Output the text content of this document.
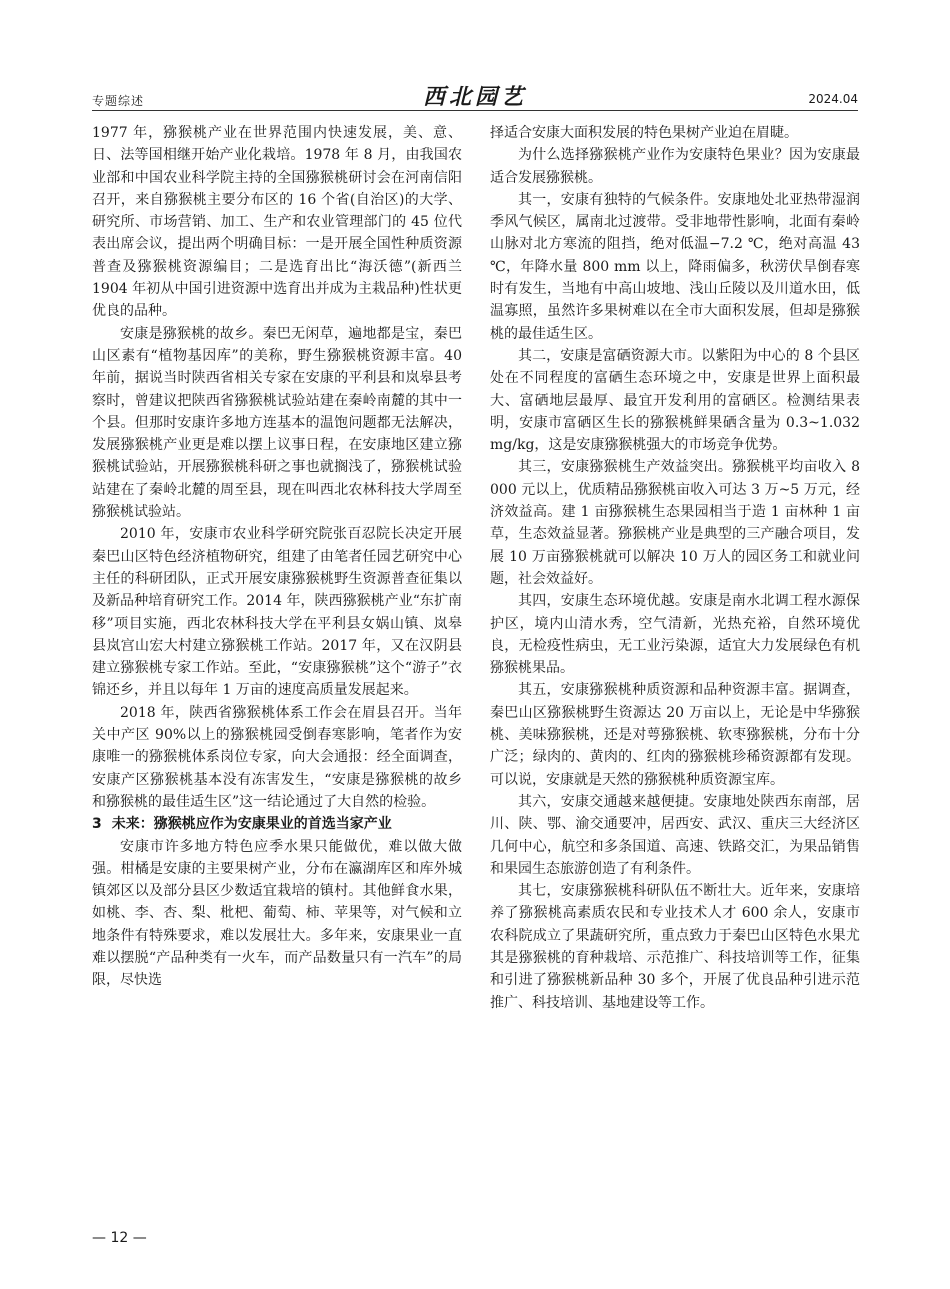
专题综述	西北园艺	2024.04

1977 年，猕猴桃产业在世界范围内快速发展，美、意、日、法等国相继开始产业化栽培。1978 年 8 月，由我国农业部和中国农业科学院主持的全国猕猴桃研讨会在河南信阳召开，来自猕猴桃主要分布区的 16 个省(自治区)的大学、研究所、市场营销、加工、生产和农业管理部门的 45 位代表出席会议，提出两个明确目标：一是开展全国性种质资源普查及猕猴桃资源编目；二是选育出比“海沃德”(新西兰 1904 年初从中国引进资源中选育出并成为主栽品种)性状更优良的品种。

安康是猕猴桃的故乡。秦巴无闲草，遍地都是宝，秦巴山区素有“植物基因库”的美称，野生猕猴桃资源丰富。40 年前，据说当时陕西省相关专家在安康的平利县和岚皋县考察时，曾建议把陕西省猕猴桃试验站建在秦岭南麓的其中一个县。但那时安康许多地方连基本的温饱问题都无法解决，发展猕猴桃产业更是难以摆上议事日程，在安康地区建立猕猴桃试验站，开展猕猴桃科研之事也就搁浅了，猕猴桃试验站建在了秦岭北麓的周至县，现在叫西北农林科技大学周至猕猴桃试验站。

2010 年，安康市农业科学研究院张百忍院长决定开展秦巴山区特色经济植物研究，组建了由笔者任园艺研究中心主任的科研团队，正式开展安康猕猴桃野生资源普查征集以及新品种培育研究工作。2014 年，陕西猕猴桃产业“东扩南移”项目实施，西北农林科技大学在平利县女娲山镇、岚皋县岚宫山宏大村建立猕猴桃工作站。2017 年，又在汉阴县建立猕猴桃专家工作站。至此，“安康猕猴桃”这个“游子”衣锦还乡，并且以每年 1 万亩的速度高质量发展起来。

2018 年，陕西省猕猴桃体系工作会在眉县召开。当年关中产区 90%以上的猕猴桃园受倒春寒影响，笔者作为安康唯一的猕猴桃体系岗位专家，向大会通报：经全面调查，安康产区猕猴桃基本没有冻害发生，“安康是猕猴桃的故乡和猕猴桃的最佳适生区”这一结论通过了大自然的检验。

3 未来：猕猴桃应作为安康果业的首选当家产业

安康市许多地方特色应季水果只能做优，难以做大做强。柑橘是安康的主要果树产业，分布在瀛湖库区和库外城镇郊区以及部分县区少数适宜栽培的镇村。其他鲜食水果，如桃、李、杏、梨、枇杷、葡萄、柿、苹果等，对气候和立地条件有特殊要求，难以发展壮大。多年来，安康果业一直难以摆脱“产品种类有一火车，而产品数量只有一汽车”的局限，尽快选

择适合安康大面积发展的特色果树产业迫在眉睫。

为什么选择猕猴桃产业作为安康特色果业？因为安康最适合发展猕猴桃。

其一，安康有独特的气候条件。安康地处北亚热带湿润季风气候区，属南北过渡带。受非地带性影响，北面有秦岭山脉对北方寒流的阻挡，绝对低温−7.2 ℃，绝对高温 43 ℃，年降水量 800 mm 以上，降雨偏多，秋涝伏旱倒春寒时有发生，当地有中高山坡地、浅山丘陵以及川道水田，低温寡照，虽然许多果树难以在全市大面积发展，但却是猕猴桃的最佳适生区。

其二，安康是富硒资源大市。以紫阳为中心的 8 个县区处在不同程度的富硒生态环境之中，安康是世界上面积最大、富硒地层最厚、最宜开发利用的富硒区。检测结果表明，安康市富硒区生长的猕猴桃鲜果硒含量为 0.3~1.032 mg/kg，这是安康猕猴桃强大的市场竞争优势。

其三，安康猕猴桃生产效益突出。猕猴桃平均亩收入 8 000 元以上，优质精品猕猴桃亩收入可达 3 万~5 万元，经济效益高。建 1 亩猕猴桃生态果园相当于造 1 亩林种 1 亩草，生态效益显著。猕猴桃产业是典型的三产融合项目，发展 10 万亩猕猴桃就可以解决 10 万人的园区务工和就业问题，社会效益好。

其四，安康生态环境优越。安康是南水北调工程水源保护区，境内山清水秀，空气清新，光热充裕，自然环境优良，无检疫性病虫，无工业污染源，适宜大力发展绿色有机猕猴桃果品。

其五，安康猕猴桃种质资源和品种资源丰富。据调查，秦巴山区猕猴桃野生资源达 20 万亩以上，无论是中华猕猴桃、美味猕猴桃，还是对萼猕猴桃、软枣猕猴桃，分布十分广泛；绿肉的、黄肉的、红肉的猕猴桃珍稀资源都有发现。可以说，安康就是天然的猕猴桃种质资源宝库。

其六，安康交通越来越便捷。安康地处陕西东南部，居川、陕、鄂、渝交通要冲，居西安、武汉、重庆三大经济区几何中心，航空和多条国道、高速、铁路交汇，为果品销售和果园生态旅游创造了有利条件。

其七，安康猕猴桃科研队伍不断壮大。近年来，安康培养了猕猴桃高素质农民和专业技术人才 600 余人，安康市农科院成立了果蔬研究所，重点致力于秦巴山区特色水果尤其是猕猴桃的育种栽培、示范推广、科技培训等工作，征集和引进了猕猴桃新品种 30 多个，开展了优良品种引进示范推广、科技培训、基地建设等工作。

— 12 —
